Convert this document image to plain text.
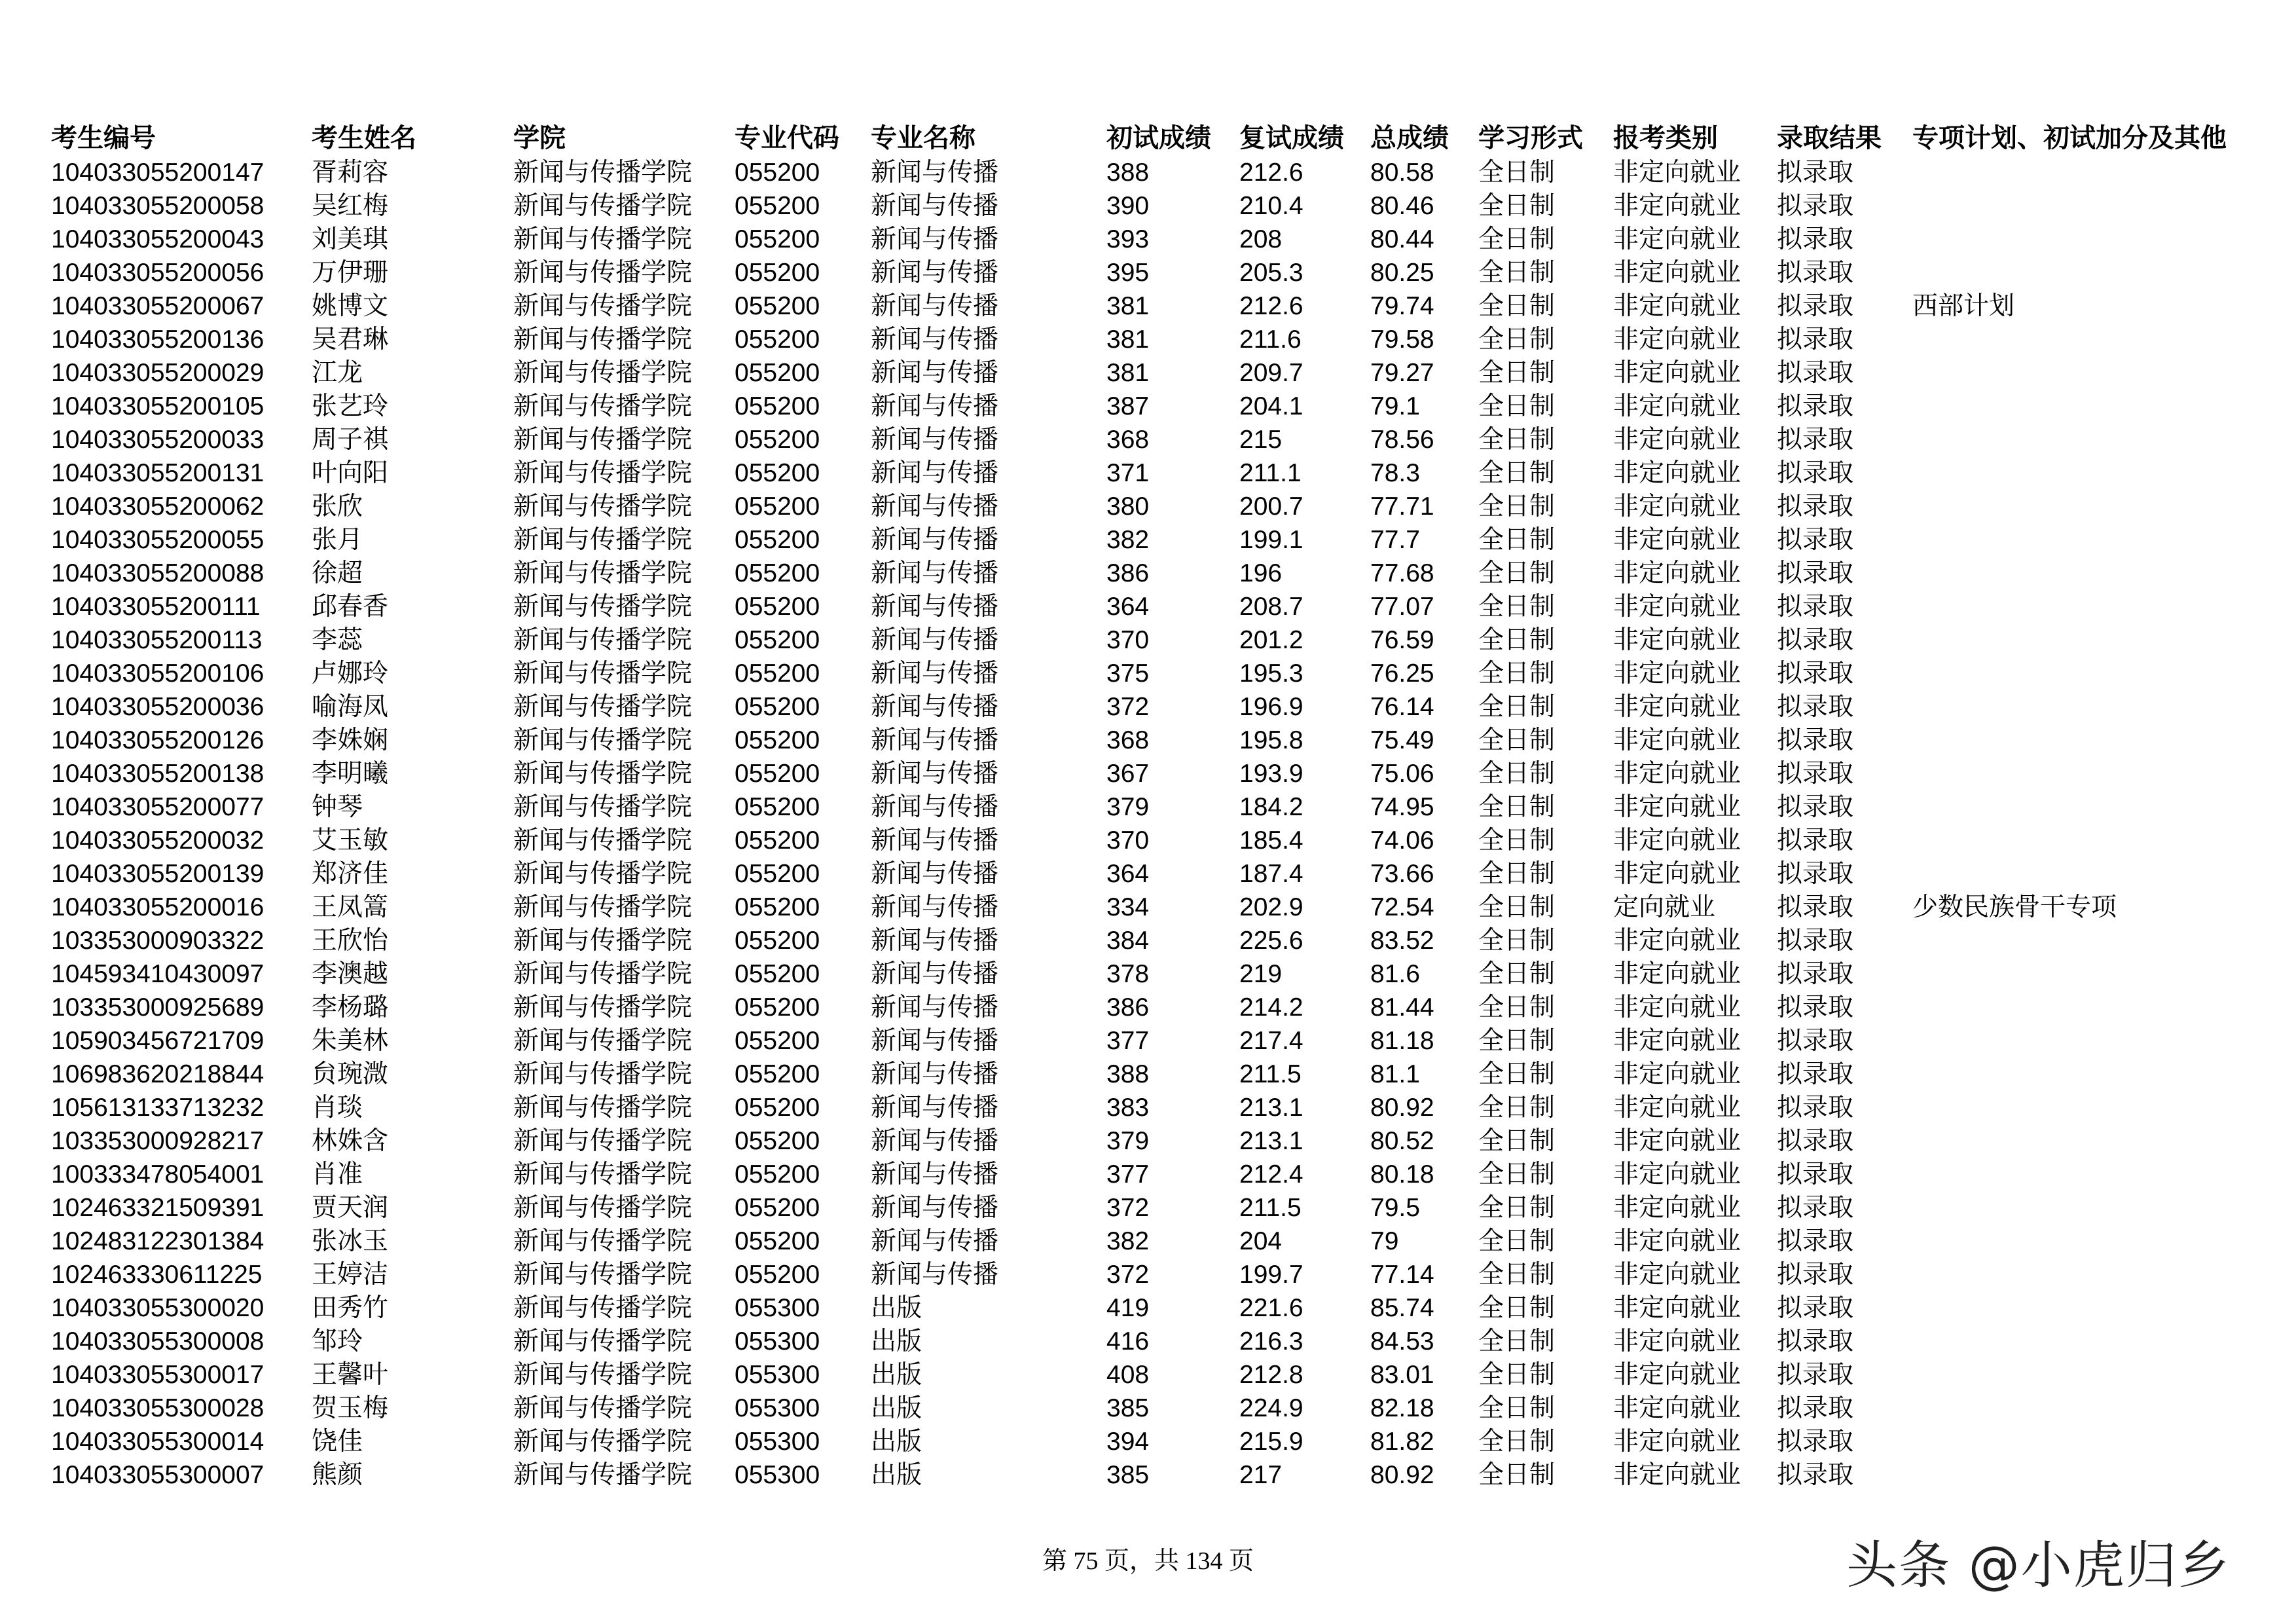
考生编号	考生姓名	学院	专业代码	专业名称	初试成绩	复试成绩	总成绩	学习形式	报考类别	录取结果	专项计划、初试加分及其他
104033055200147	胥莉容	新闻与传播学院	055200	新闻与传播	388	212.6	80.58	全日制	非定向就业	拟录取	
104033055200058	吴红梅	新闻与传播学院	055200	新闻与传播	390	210.4	80.46	全日制	非定向就业	拟录取	
104033055200043	刘美琪	新闻与传播学院	055200	新闻与传播	393	208	80.44	全日制	非定向就业	拟录取	
104033055200056	万伊珊	新闻与传播学院	055200	新闻与传播	395	205.3	80.25	全日制	非定向就业	拟录取	
104033055200067	姚博文	新闻与传播学院	055200	新闻与传播	381	212.6	79.74	全日制	非定向就业	拟录取	西部计划
104033055200136	吴君琳	新闻与传播学院	055200	新闻与传播	381	211.6	79.58	全日制	非定向就业	拟录取	
104033055200029	江龙	新闻与传播学院	055200	新闻与传播	381	209.7	79.27	全日制	非定向就业	拟录取	
104033055200105	张艺玲	新闻与传播学院	055200	新闻与传播	387	204.1	79.1	全日制	非定向就业	拟录取	
104033055200033	周子祺	新闻与传播学院	055200	新闻与传播	368	215	78.56	全日制	非定向就业	拟录取	
104033055200131	叶向阳	新闻与传播学院	055200	新闻与传播	371	211.1	78.3	全日制	非定向就业	拟录取	
104033055200062	张欣	新闻与传播学院	055200	新闻与传播	380	200.7	77.71	全日制	非定向就业	拟录取	
104033055200055	张月	新闻与传播学院	055200	新闻与传播	382	199.1	77.7	全日制	非定向就业	拟录取	
104033055200088	徐超	新闻与传播学院	055200	新闻与传播	386	196	77.68	全日制	非定向就业	拟录取	
104033055200111	邱春香	新闻与传播学院	055200	新闻与传播	364	208.7	77.07	全日制	非定向就业	拟录取	
104033055200113	李蕊	新闻与传播学院	055200	新闻与传播	370	201.2	76.59	全日制	非定向就业	拟录取	
104033055200106	卢娜玲	新闻与传播学院	055200	新闻与传播	375	195.3	76.25	全日制	非定向就业	拟录取	
104033055200036	喻海凤	新闻与传播学院	055200	新闻与传播	372	196.9	76.14	全日制	非定向就业	拟录取	
104033055200126	李姝娴	新闻与传播学院	055200	新闻与传播	368	195.8	75.49	全日制	非定向就业	拟录取	
104033055200138	李明曦	新闻与传播学院	055200	新闻与传播	367	193.9	75.06	全日制	非定向就业	拟录取	
104033055200077	钟琴	新闻与传播学院	055200	新闻与传播	379	184.2	74.95	全日制	非定向就业	拟录取	
104033055200032	艾玉敏	新闻与传播学院	055200	新闻与传播	370	185.4	74.06	全日制	非定向就业	拟录取	
104033055200139	郑济佳	新闻与传播学院	055200	新闻与传播	364	187.4	73.66	全日制	非定向就业	拟录取	
104033055200016	王凤篙	新闻与传播学院	055200	新闻与传播	334	202.9	72.54	全日制	定向就业	拟录取	少数民族骨干专项
103353000903322	王欣怡	新闻与传播学院	055200	新闻与传播	384	225.6	83.52	全日制	非定向就业	拟录取	
104593410430097	李澳越	新闻与传播学院	055200	新闻与传播	378	219	81.6	全日制	非定向就业	拟录取	
103353000925689	李杨璐	新闻与传播学院	055200	新闻与传播	386	214.2	81.44	全日制	非定向就业	拟录取	
105903456721709	朱美林	新闻与传播学院	055200	新闻与传播	377	217.4	81.18	全日制	非定向就业	拟录取	
106983620218844	贠琬溦	新闻与传播学院	055200	新闻与传播	388	211.5	81.1	全日制	非定向就业	拟录取	
105613133713232	肖琰	新闻与传播学院	055200	新闻与传播	383	213.1	80.92	全日制	非定向就业	拟录取	
103353000928217	林姝含	新闻与传播学院	055200	新闻与传播	379	213.1	80.52	全日制	非定向就业	拟录取	
100333478054001	肖准	新闻与传播学院	055200	新闻与传播	377	212.4	80.18	全日制	非定向就业	拟录取	
102463321509391	贾天润	新闻与传播学院	055200	新闻与传播	372	211.5	79.5	全日制	非定向就业	拟录取	
102483122301384	张冰玉	新闻与传播学院	055200	新闻与传播	382	204	79	全日制	非定向就业	拟录取	
102463330611225	王婷洁	新闻与传播学院	055200	新闻与传播	372	199.7	77.14	全日制	非定向就业	拟录取	
104033055300020	田秀竹	新闻与传播学院	055300	出版	419	221.6	85.74	全日制	非定向就业	拟录取	
104033055300008	邹玲	新闻与传播学院	055300	出版	416	216.3	84.53	全日制	非定向就业	拟录取	
104033055300017	王馨叶	新闻与传播学院	055300	出版	408	212.8	83.01	全日制	非定向就业	拟录取	
104033055300028	贺玉梅	新闻与传播学院	055300	出版	385	224.9	82.18	全日制	非定向就业	拟录取	
104033055300014	饶佳	新闻与传播学院	055300	出版	394	215.9	81.82	全日制	非定向就业	拟录取	
104033055300007	熊颜	新闻与传播学院	055300	出版	385	217	80.92	全日制	非定向就业	拟录取	
第 75 页，共 134 页	头条 @小虎归乡
